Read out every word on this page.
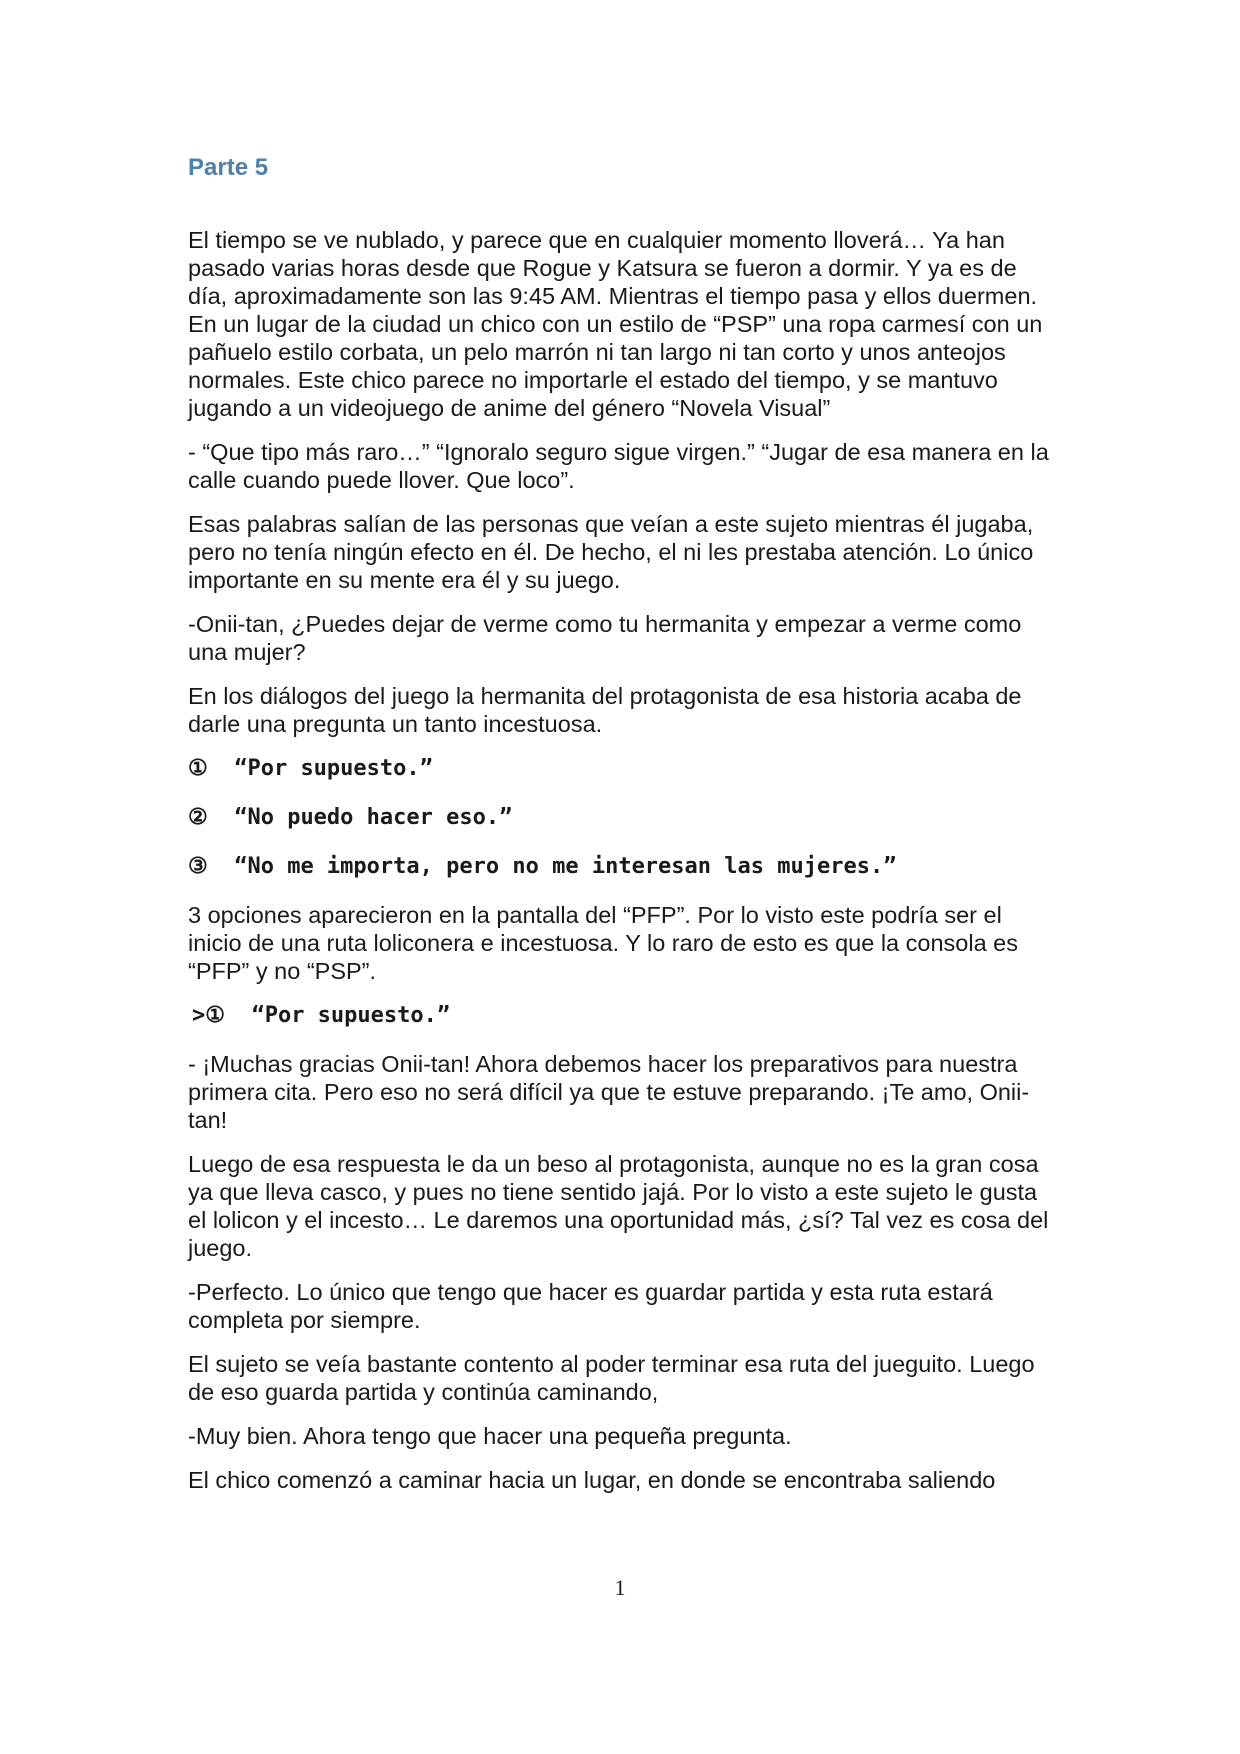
Parte 5

El tiempo se ve nublado, y parece que en cualquier momento lloverá… Ya han pasado varias horas desde que Rogue y Katsura se fueron a dormir. Y ya es de día, aproximadamente son las 9:45 AM. Mientras el tiempo pasa y ellos duermen. En un lugar de la ciudad un chico con un estilo de “PSP” una ropa carmesí con un pañuelo estilo corbata, un pelo marrón ni tan largo ni tan corto y unos anteojos normales. Este chico parece no importarle el estado del tiempo, y se mantuvo jugando a un videojuego de anime del género “Novela Visual”

- “Que tipo más raro…” “Ignoralo seguro sigue virgen.” “Jugar de esa manera en la calle cuando puede llover. Que loco”.

Esas palabras salían de las personas que veían a este sujeto mientras él jugaba, pero no tenía ningún efecto en él. De hecho, el ni les prestaba atención. Lo único importante en su mente era él y su juego.

-Onii-tan, ¿Puedes dejar de verme como tu hermanita y empezar a verme como una mujer?

En los diálogos del juego la hermanita del protagonista de esa historia acaba de darle una pregunta un tanto incestuosa.

①  “Por supuesto.”
②  “No puedo hacer eso.”
③  “No me importa, pero no me interesan las mujeres.”

3 opciones aparecieron en la pantalla del “PFP”. Por lo visto este podría ser el inicio de una ruta loliconera e incestuosa. Y lo raro de esto es que la consola es “PFP” y no “PSP”.

>①  “Por supuesto.”

- ¡Muchas gracias Onii-tan! Ahora debemos hacer los preparativos para nuestra primera cita. Pero eso no será difícil ya que te estuve preparando. ¡Te amo, Onii-tan!

Luego de esa respuesta le da un beso al protagonista, aunque no es la gran cosa ya que lleva casco, y pues no tiene sentido jajá. Por lo visto a este sujeto le gusta el lolicon y el incesto… Le daremos una oportunidad más, ¿sí? Tal vez es cosa del juego.

-Perfecto. Lo único que tengo que hacer es guardar partida y esta ruta estará completa por siempre.

El sujeto se veía bastante contento al poder terminar esa ruta del jueguito. Luego de eso guarda partida y continúa caminando,

-Muy bien. Ahora tengo que hacer una pequeña pregunta.

El chico comenzó a caminar hacia un lugar, en donde se encontraba saliendo

1
